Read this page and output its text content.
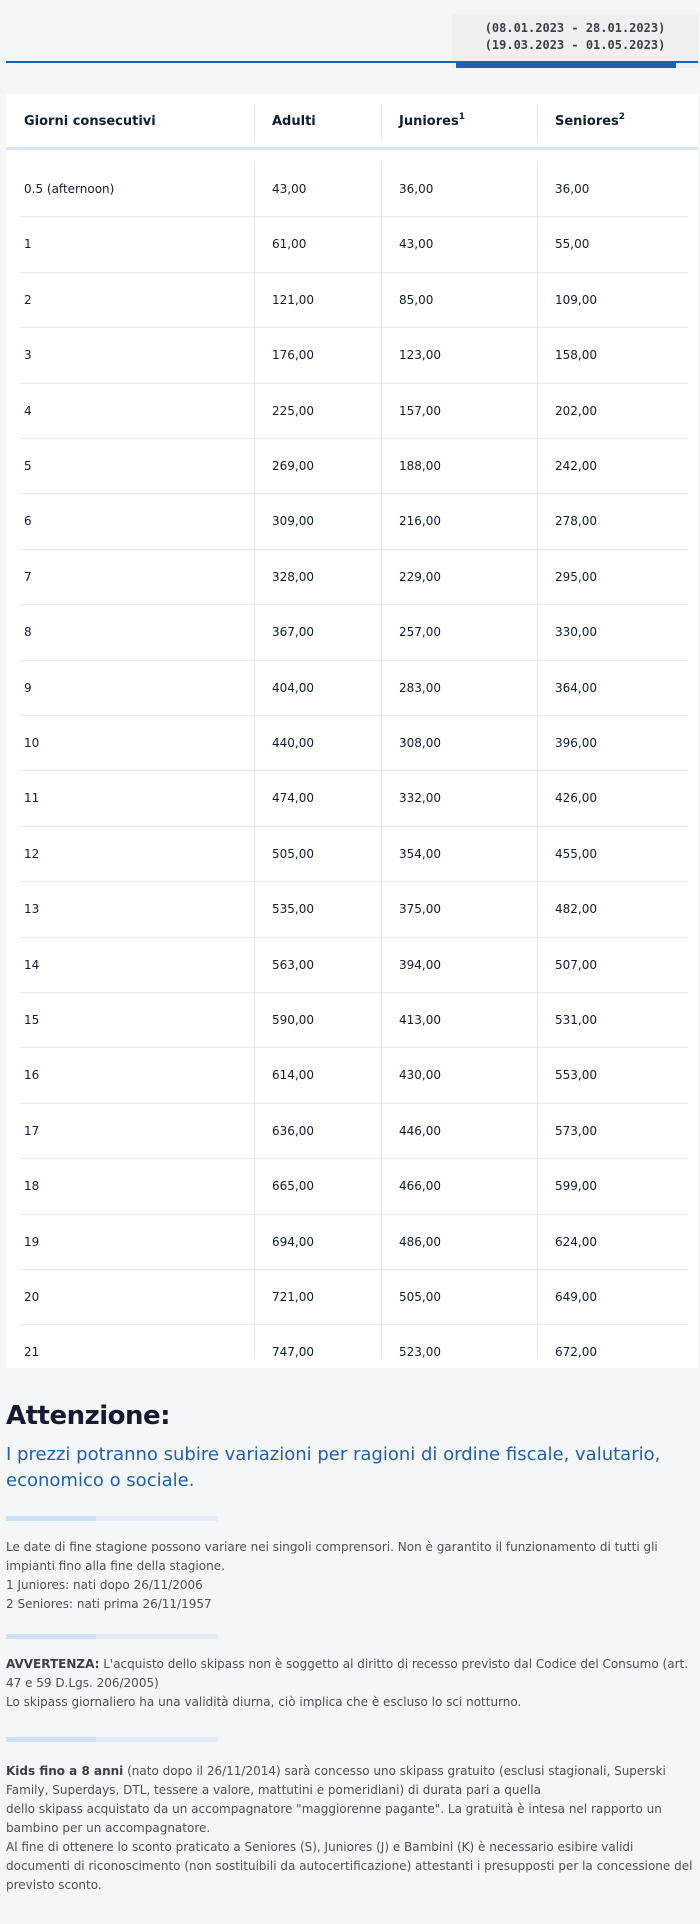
(08.01.2023 - 28.01.2023)
(19.03.2023 - 01.05.2023)
Giorni consecutivi	Adulti	Juniores$^1$	Seniores$^2$
0.5 (afternoon)	43,00	36,00	36,00
1	61,00	43,00	55,00
2	121,00	85,00	109,00
3	176,00	123,00	158,00
4	225,00	157,00	202,00
5	269,00	188,00	242,00
6	309,00	216,00	278,00
7	328,00	229,00	295,00
8	367,00	257,00	330,00
9	404,00	283,00	364,00
10	440,00	308,00	396,00
11	474,00	332,00	426,00
12	505,00	354,00	455,00
13	535,00	375,00	482,00
14	563,00	394,00	507,00
15	590,00	413,00	531,00
16	614,00	430,00	553,00
17	636,00	446,00	573,00
18	665,00	466,00	599,00
19	694,00	486,00	624,00
20	721,00	505,00	649,00
21	747,00	523,00	672,00
Attenzione:
I prezzi potranno subire variazioni per ragioni di ordine fiscale, valutario, economico o sociale.
Le date di fine stagione possono variare nei singoli comprensori. Non è garantito il funzionamento di tutti gli impianti fino alla fine della stagione.
1 Juniores: nati dopo 26/11/2006
2 Seniores: nati prima 26/11/1957
AVVERTENZA: L'acquisto dello skipass non è soggetto al diritto di recesso previsto dal Codice del Consumo (art. 47 e 59 D.Lgs. 206/2005)
Lo skipass giornaliero ha una validità diurna, ciò implica che è escluso lo sci notturno.
Kids fino a 8 anni (nato dopo il 26/11/2014) sarà concesso uno skipass gratuito (esclusi stagionali, Superski Family, Superdays, DTL, tessere a valore, mattutini e pomeridiani) di durata pari a quella
dello skipass acquistato da un accompagnatore "maggiorenne pagante". La gratuità è intesa nel rapporto un bambino per un accompagnatore.
Al fine di ottenere lo sconto praticato a Seniores (S), Juniores (J) e Bambini (K) è necessario esibire validi documenti di riconoscimento (non sostituibili da autocertificazione) attestanti i presupposti per la concessione del previsto sconto.
